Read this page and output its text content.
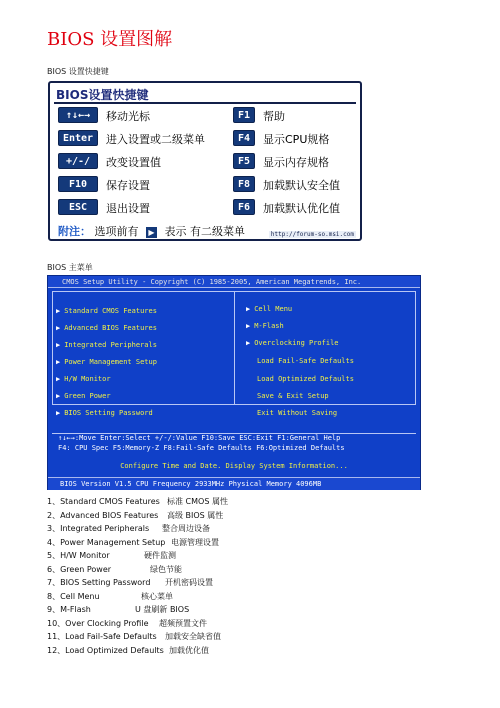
BIOS 设置图解
BIOS 设置快捷键
BIOS设置快捷键
↑↓←→	移动光标	F1	帮助
Enter	进入设置或二级菜单	F4	显示CPU规格
+/-/	改变设置值	F5	显示内存规格
F10	保存设置	F8	加载默认安全值
ESC	退出设置	F6	加载默认优化值
附注： 选项前有 ▶ 表示 有二级菜单	http://forum-so.msi.com
BIOS 主菜单
CMOS Setup Utility - Copyright (C) 1985-2005, American Megatrends, Inc.
▶ Standard CMOS Features
▶ Advanced BIOS Features
▶ Integrated Peripherals
▶ Power Management Setup
▶ H/W Monitor
▶ Green Power
▶ BIOS Setting Password
▶ Cell Menu
▶ M-Flash
▶ Overclocking Profile
Load Fail-Safe Defaults
Load Optimized Defaults
Save & Exit Setup
Exit Without Saving
↑↓←→:Move Enter:Select +/-/:Value F10:Save ESC:Exit F1:General Help
F4: CPU Spec F5:Memory-Z F8:Fail-Safe Defaults F6:Optimized Defaults
Configure Time and Date. Display System Information...
BIOS Version V1.5 CPU Frequency 2933MHz Physical Memory 4096MB
1、Standard CMOS Features 标准 CMOS 属性
2、Advanced BIOS Features 高级 BIOS 属性
3、Integrated Peripherals 整合周边设备
4、Power Management Setup 电源管理设置
5、H/W Monitor	硬件监测
6、Green Power	绿色节能
7、BIOS Setting Password 开机密码设置
8、Cell Menu	核心菜单
9、M-Flash	U 盘刷新 BIOS
10、Over Clocking Profile 超频预置文件
11、Load Fail-Safe Defaults 加载安全缺省值
12、Load Optimized Defaults 加载优化值
